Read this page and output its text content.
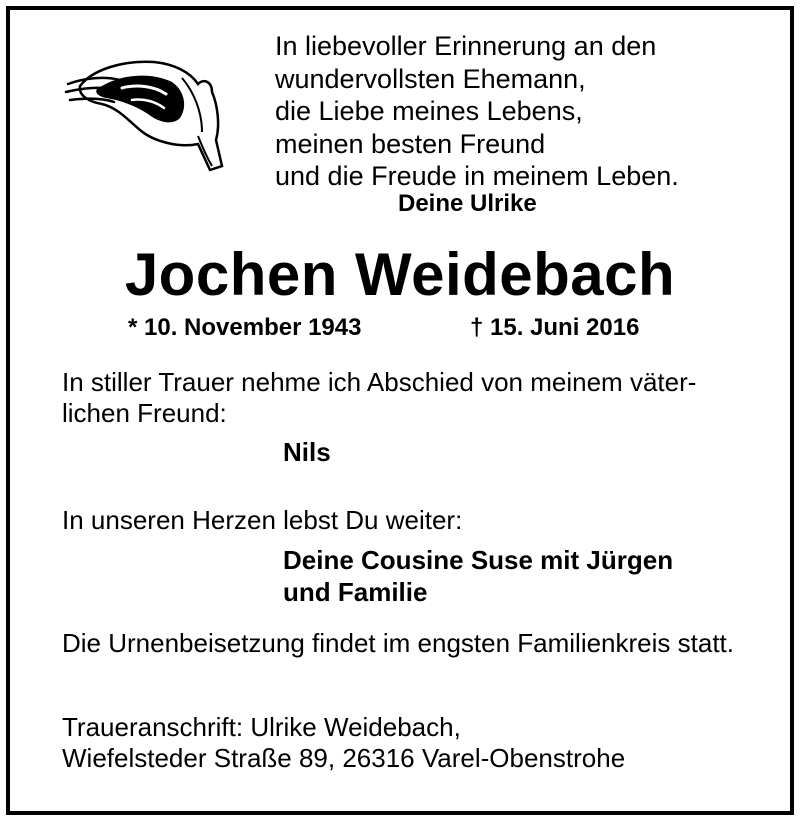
In liebevoller Erinnerung an den
wundervollsten Ehemann,
die Liebe meines Lebens,
meinen besten Freund
und die Freude in meinem Leben.
Deine Ulrike
Jochen Weidebach
* 10. November 1943	† 15. Juni 2016
In stiller Trauer nehme ich Abschied von meinem väter-
lichen Freund:
Nils
In unseren Herzen lebst Du weiter:
Deine Cousine Suse mit Jürgen
und Familie
Die Urnenbeisetzung findet im engsten Familienkreis statt.
Traueranschrift: Ulrike Weidebach,
Wiefelsteder Straße 89, 26316 Varel-Obenstrohe
